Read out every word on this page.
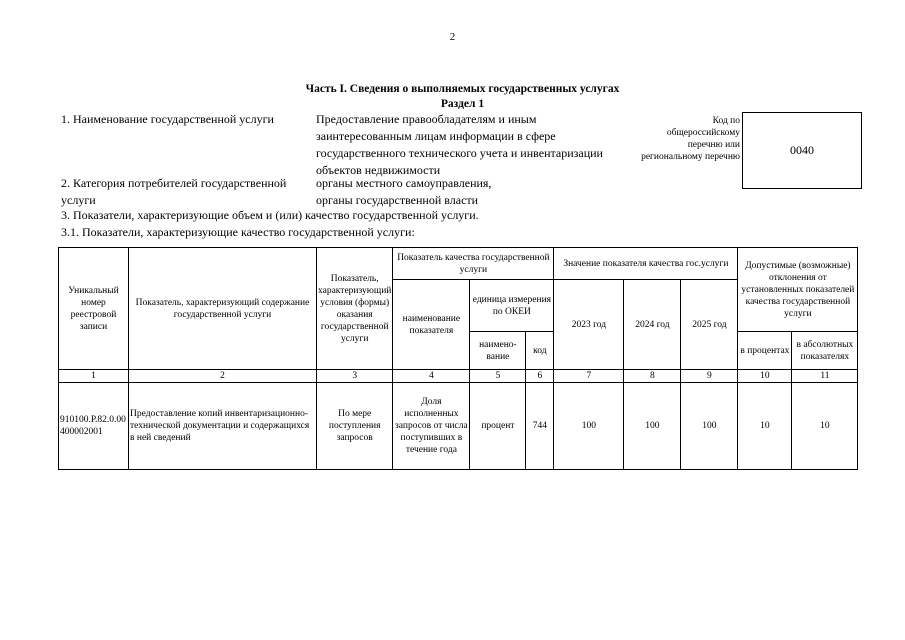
2
Часть I. Сведения о выполняемых государственных услугах
Раздел 1
1. Наименование государственной услуги	Предоставление правообладателям и иным
заинтересованным лицам информации в сфере
государственного технического учета и инвентаризации
объектов недвижимости
Код по
общероссийскому
перечню или
региональному перечню	0040
2. Категория потребителей государственной
услуги
органы местного самоуправления,
органы государственной власти
3. Показатели, характеризующие объем и (или) качество государственной услуги.
3.1. Показатели, характеризующие качество государственной услуги:
Уникальный номер реестровой записи	Показатель, характеризующий содержание государственной услуги	Показатель, характеризующий условия (формы) оказания государственной услуги	Показатель качества государственной услуги			Значение показателя качества гос.услуги			Допустимые (возможные) отклонения от установленных показателей качества государственной услуги	
			наименование показателя	единица измерения по ОКЕИ		2023 год	2024 год	2025 год		
				наимено-вание	код				в процентах	в абсолютных показателях
1	2	3	4	5	6	7	8	9	10	11
910100.Р.82.0.00400002001	Предоставление копий инвентаризационно-технической документации и содержащихся в ней сведений	По мере поступления запросов	Доля исполненных запросов от числа поступивших в течение года	процент	744	100	100	100	10	10
